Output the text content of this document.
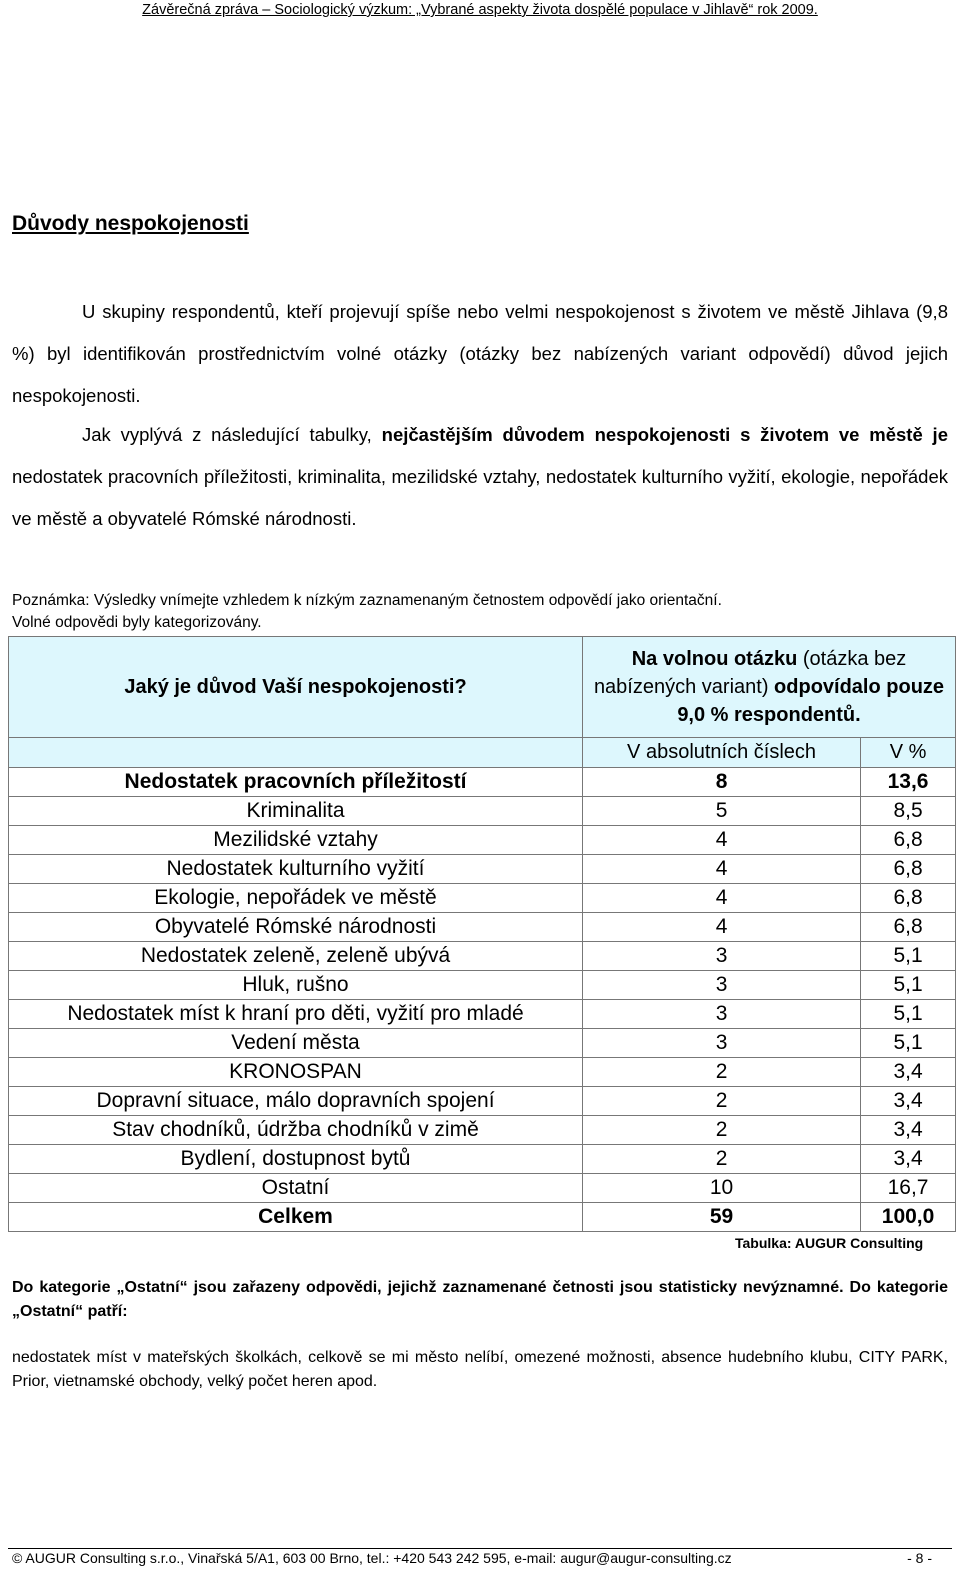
Závěrečná zpráva – Sociologický výzkum: „Vybrané aspekty života dospělé populace v Jihlavě“ rok 2009.
Důvody nespokojenosti

U skupiny respondentů, kteří projevují spíše nebo velmi nespokojenost s životem ve městě Jihlava (9,8 %) byl identifikován prostřednictvím volné otázky (otázky bez nabízených variant odpovědí) důvod jejich nespokojenosti.

Jak vyplývá z následující tabulky, nejčastějším důvodem nespokojenosti s životem ve městě je nedostatek pracovních příležitosti, kriminalita, mezilidské vztahy, nedostatek kulturního vyžití, ekologie, nepořádek ve městě a obyvatelé Rómské národnosti.

Poznámka: Výsledky vnímejte vzhledem k nízkým zaznamenaným četnostem odpovědí jako orientační.
Volné odpovědi byly kategorizovány.
Jaký je důvod Vaší nespokojenosti?	Na volnou otázku (otázka bez nabízených variant) odpovídalo pouze 9,0 % respondentů.	
	V absolutních číslech	V %
Nedostatek pracovních příležitostí	8	13,6
Kriminalita	5	8,5
Mezilidské vztahy	4	6,8
Nedostatek kulturního vyžití	4	6,8
Ekologie, nepořádek ve městě	4	6,8
Obyvatelé Rómské národnosti	4	6,8
Nedostatek zeleně, zeleně ubývá	3	5,1
Hluk, rušno	3	5,1
Nedostatek míst k hraní pro děti, vyžití pro mladé	3	5,1
Vedení města	3	5,1
KRONOSPAN	2	3,4
Dopravní situace, málo dopravních spojení	2	3,4
Stav chodníků, údržba chodníků v zimě	2	3,4
Bydlení, dostupnost bytů	2	3,4
Ostatní	10	16,7
Celkem	59	100,0
Tabulka: AUGUR Consulting

Do kategorie „Ostatní“ jsou zařazeny odpovědi, jejichž zaznamenané četnosti jsou statisticky nevýznamné. Do kategorie „Ostatní“ patří:

nedostatek míst v mateřských školkách, celkově se mi město nelíbí, omezené možnosti, absence hudebního klubu, CITY PARK, Prior, vietnamské obchody, velký počet heren apod.

© AUGUR Consulting s.r.o., Vinařská 5/A1, 603 00 Brno, tel.: +420 543 242 595, e-mail: augur@augur-consulting.cz	- 8 -
